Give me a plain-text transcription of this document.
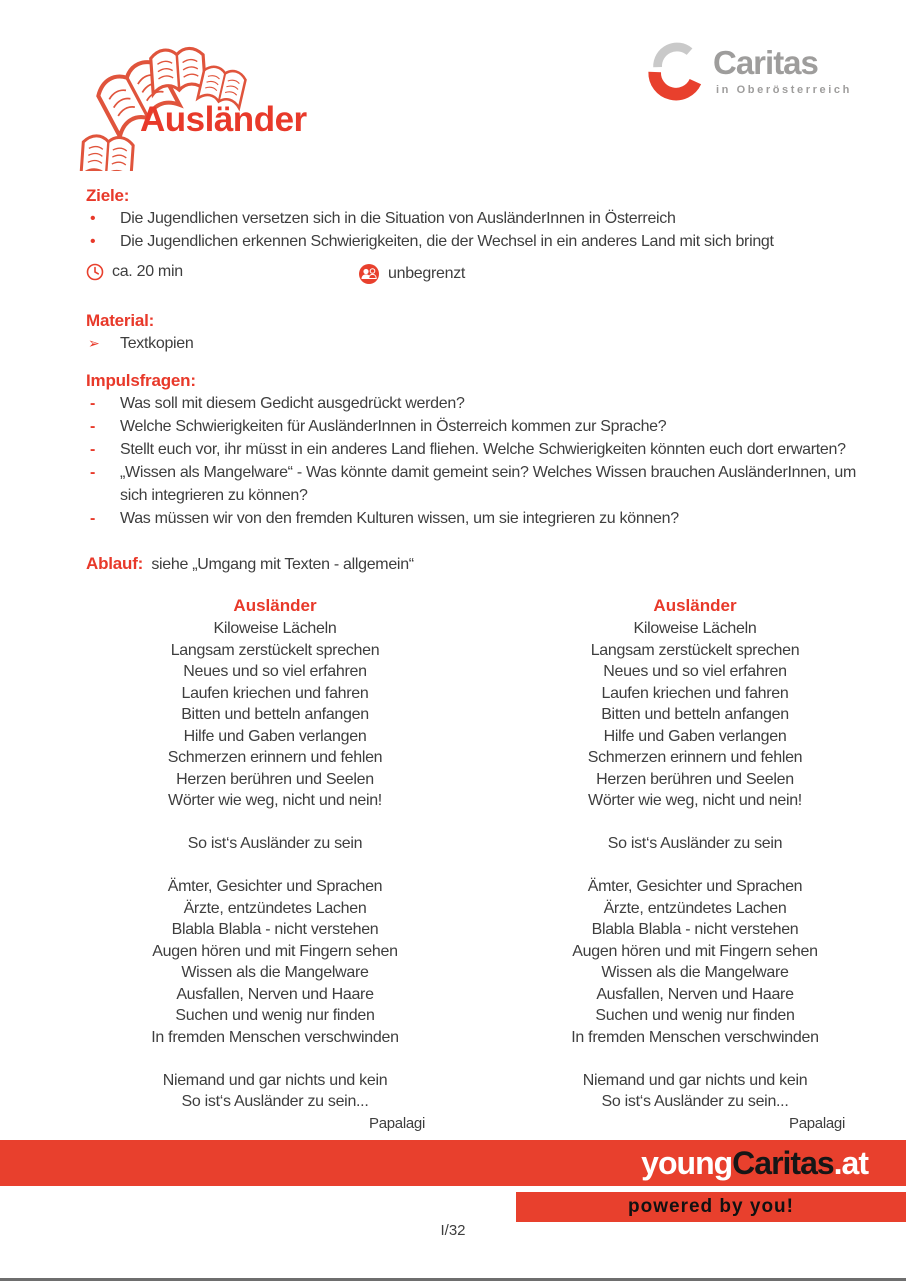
Ausländer
Caritas
in Oberösterreich
Ziele:
• Die Jugendlichen versetzen sich in die Situation von AusländerInnen in Österreich
• Die Jugendlichen erkennen Schwierigkeiten, die der Wechsel in ein anderes Land mit sich bringt
ca. 20 min	unbegrenzt
Material:
➢ Textkopien
Impulsfragen:
- Was soll mit diesem Gedicht ausgedrückt werden?
- Welche Schwierigkeiten für AusländerInnen in Österreich kommen zur Sprache?
- Stellt euch vor, ihr müsst in ein anderes Land fliehen. Welche Schwierigkeiten könnten euch dort erwarten?
- „Wissen als Mangelware“ - Was könnte damit gemeint sein? Welches Wissen brauchen AusländerInnen, um sich integrieren zu können?
- Was müssen wir von den fremden Kulturen wissen, um sie integrieren zu können?
Ablauf: siehe „Umgang mit Texten - allgemein“
Ausländer
Kiloweise Lächeln
Langsam zerstückelt sprechen
Neues und so viel erfahren
Laufen kriechen und fahren
Bitten und betteln anfangen
Hilfe und Gaben verlangen
Schmerzen erinnern und fehlen
Herzen berühren und Seelen
Wörter wie weg, nicht und nein!
So ist‘s Ausländer zu sein
Ämter, Gesichter und Sprachen
Ärzte, entzündetes Lachen
Blabla Blabla - nicht verstehen
Augen hören und mit Fingern sehen
Wissen als die Mangelware
Ausfallen, Nerven und Haare
Suchen und wenig nur finden
In fremden Menschen verschwinden
Niemand und gar nichts und kein
So ist‘s Ausländer zu sein...
Papalagi
Ausländer
Kiloweise Lächeln
Langsam zerstückelt sprechen
Neues und so viel erfahren
Laufen kriechen und fahren
Bitten und betteln anfangen
Hilfe und Gaben verlangen
Schmerzen erinnern und fehlen
Herzen berühren und Seelen
Wörter wie weg, nicht und nein!
So ist‘s Ausländer zu sein
Ämter, Gesichter und Sprachen
Ärzte, entzündetes Lachen
Blabla Blabla - nicht verstehen
Augen hören und mit Fingern sehen
Wissen als die Mangelware
Ausfallen, Nerven und Haare
Suchen und wenig nur finden
In fremden Menschen verschwinden
Niemand und gar nichts und kein
So ist‘s Ausländer zu sein...
Papalagi
young Caritas .at
powered by you!
I/32
